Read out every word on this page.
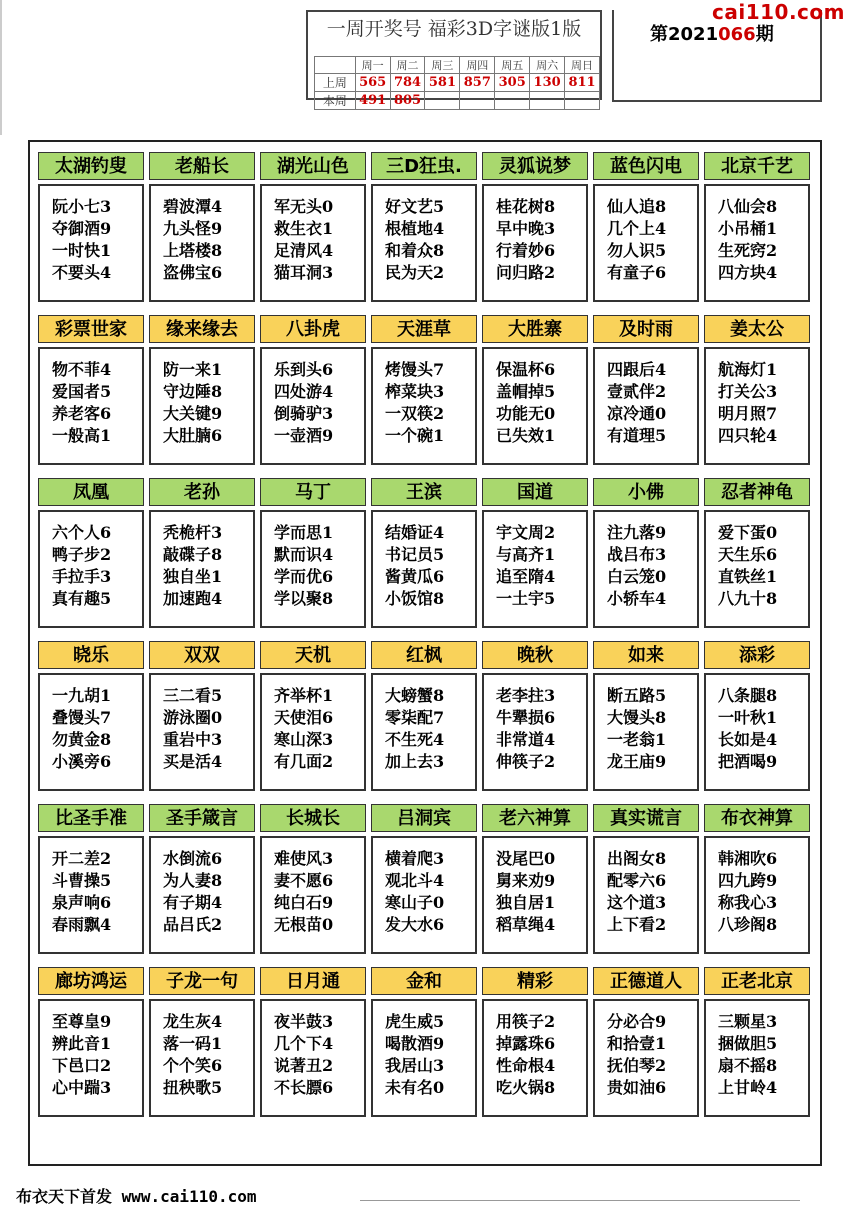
一周开奖号 福彩3D字谜版1版
	周一	周二	周三	周四	周五	周六	周日
上周	565	784	581	857	305	130	811
本周	491	805					
第2021066期
cai110.com
太湖钓叟
阮小七3
夺御酒9
一时快1
不要头4
老船长
碧波潭4
九头怪9
上塔楼8
盗佛宝6
湖光山色
军无头0
救生衣1
足清风4
猫耳洞3
三D狂虫.
好文艺5
根植地4
和着众8
民为天2
灵狐说梦
桂花树8
早中晚3
行着妙6
问归路2
蓝色闪电
仙人追8
几个上4
勿人识5
有童子6
北京千艺
八仙会8
小吊桶1
生死窍2
四方块4
彩票世家
物不菲4
爱国者5
养老客6
一般高1
缘来缘去
防一来1
守边陲8
大关键9
大肚腩6
八卦虎
乐到头6
四处游4
倒骑驴3
一壶酒9
天涯草
烤馒头7
榨菜块3
一双筷2
一个碗1
大胜寨
保温杯6
盖帽掉5
功能无0
已失效1
及时雨
四跟后4
壹贰伴2
凉冷通0
有道理5
姜太公
航海灯1
打关公3
明月照7
四只轮4
凤凰
六个人6
鸭子步2
手拉手3
真有趣5
老孙
秃桅杆3
敲碟子8
独自坐1
加速跑4
马丁
学而思1
默而识4
学而优6
学以聚8
王滨
结婚证4
书记员5
酱黄瓜6
小饭馆8
国道
宇文周2
与高齐1
追至隋4
一土宇5
小佛
注九落9
战吕布3
白云笼0
小轿车4
忍者神龟
爱下蛋0
天生乐6
直铁丝1
八九十8
晓乐
一九胡1
叠馒头7
勿黄金8
小溪旁6
双双
三二看5
游泳圈0
重岩中3
买是活4
天机
齐举杯1
天使泪6
寒山深3
有几面2
红枫
大螃蟹8
零柒配7
不生死4
加上去3
晚秋
老李拄3
牛犟损6
非常道4
伸筷子2
如来
断五路5
大馒头8
一老翁1
龙王庙9
添彩
八条腿8
一叶秋1
长如是4
把酒喝9
比圣手准
开二差2
斗曹操5
泉声响6
春雨飘4
圣手箴言
水倒流6
为人妻8
有子期4
品吕氏2
长城长
难使风3
妻不愿6
纯白石9
无根苗0
吕洞宾
横着爬3
观北斗4
寒山子0
发大水6
老六神算
没尾巴0
舅来劝9
独自居1
稻草绳4
真实谎言
出阁女8
配零六6
这个道3
上下看2
布衣神算
韩湘吹6
四九跨9
称我心3
八珍阁8
廊坊鸿运
至尊皇9
辨此音1
下邑口2
心中踹3
子龙一句
龙生灰4
落一码1
个个笑6
扭秧歌5
日月通
夜半鼓3
几个下4
说著丑2
不长膘6
金和
虎生威5
喝散酒9
我居山3
未有名0
精彩
用筷子2
掉露珠6
性命根4
吃火锅8
正德道人
分必合9
和拾壹1
抚伯琴2
贵如油6
正老北京
三颗星3
捆做胆5
扇不摇8
上甘岭4
布衣天下首发 www.cai110.com
